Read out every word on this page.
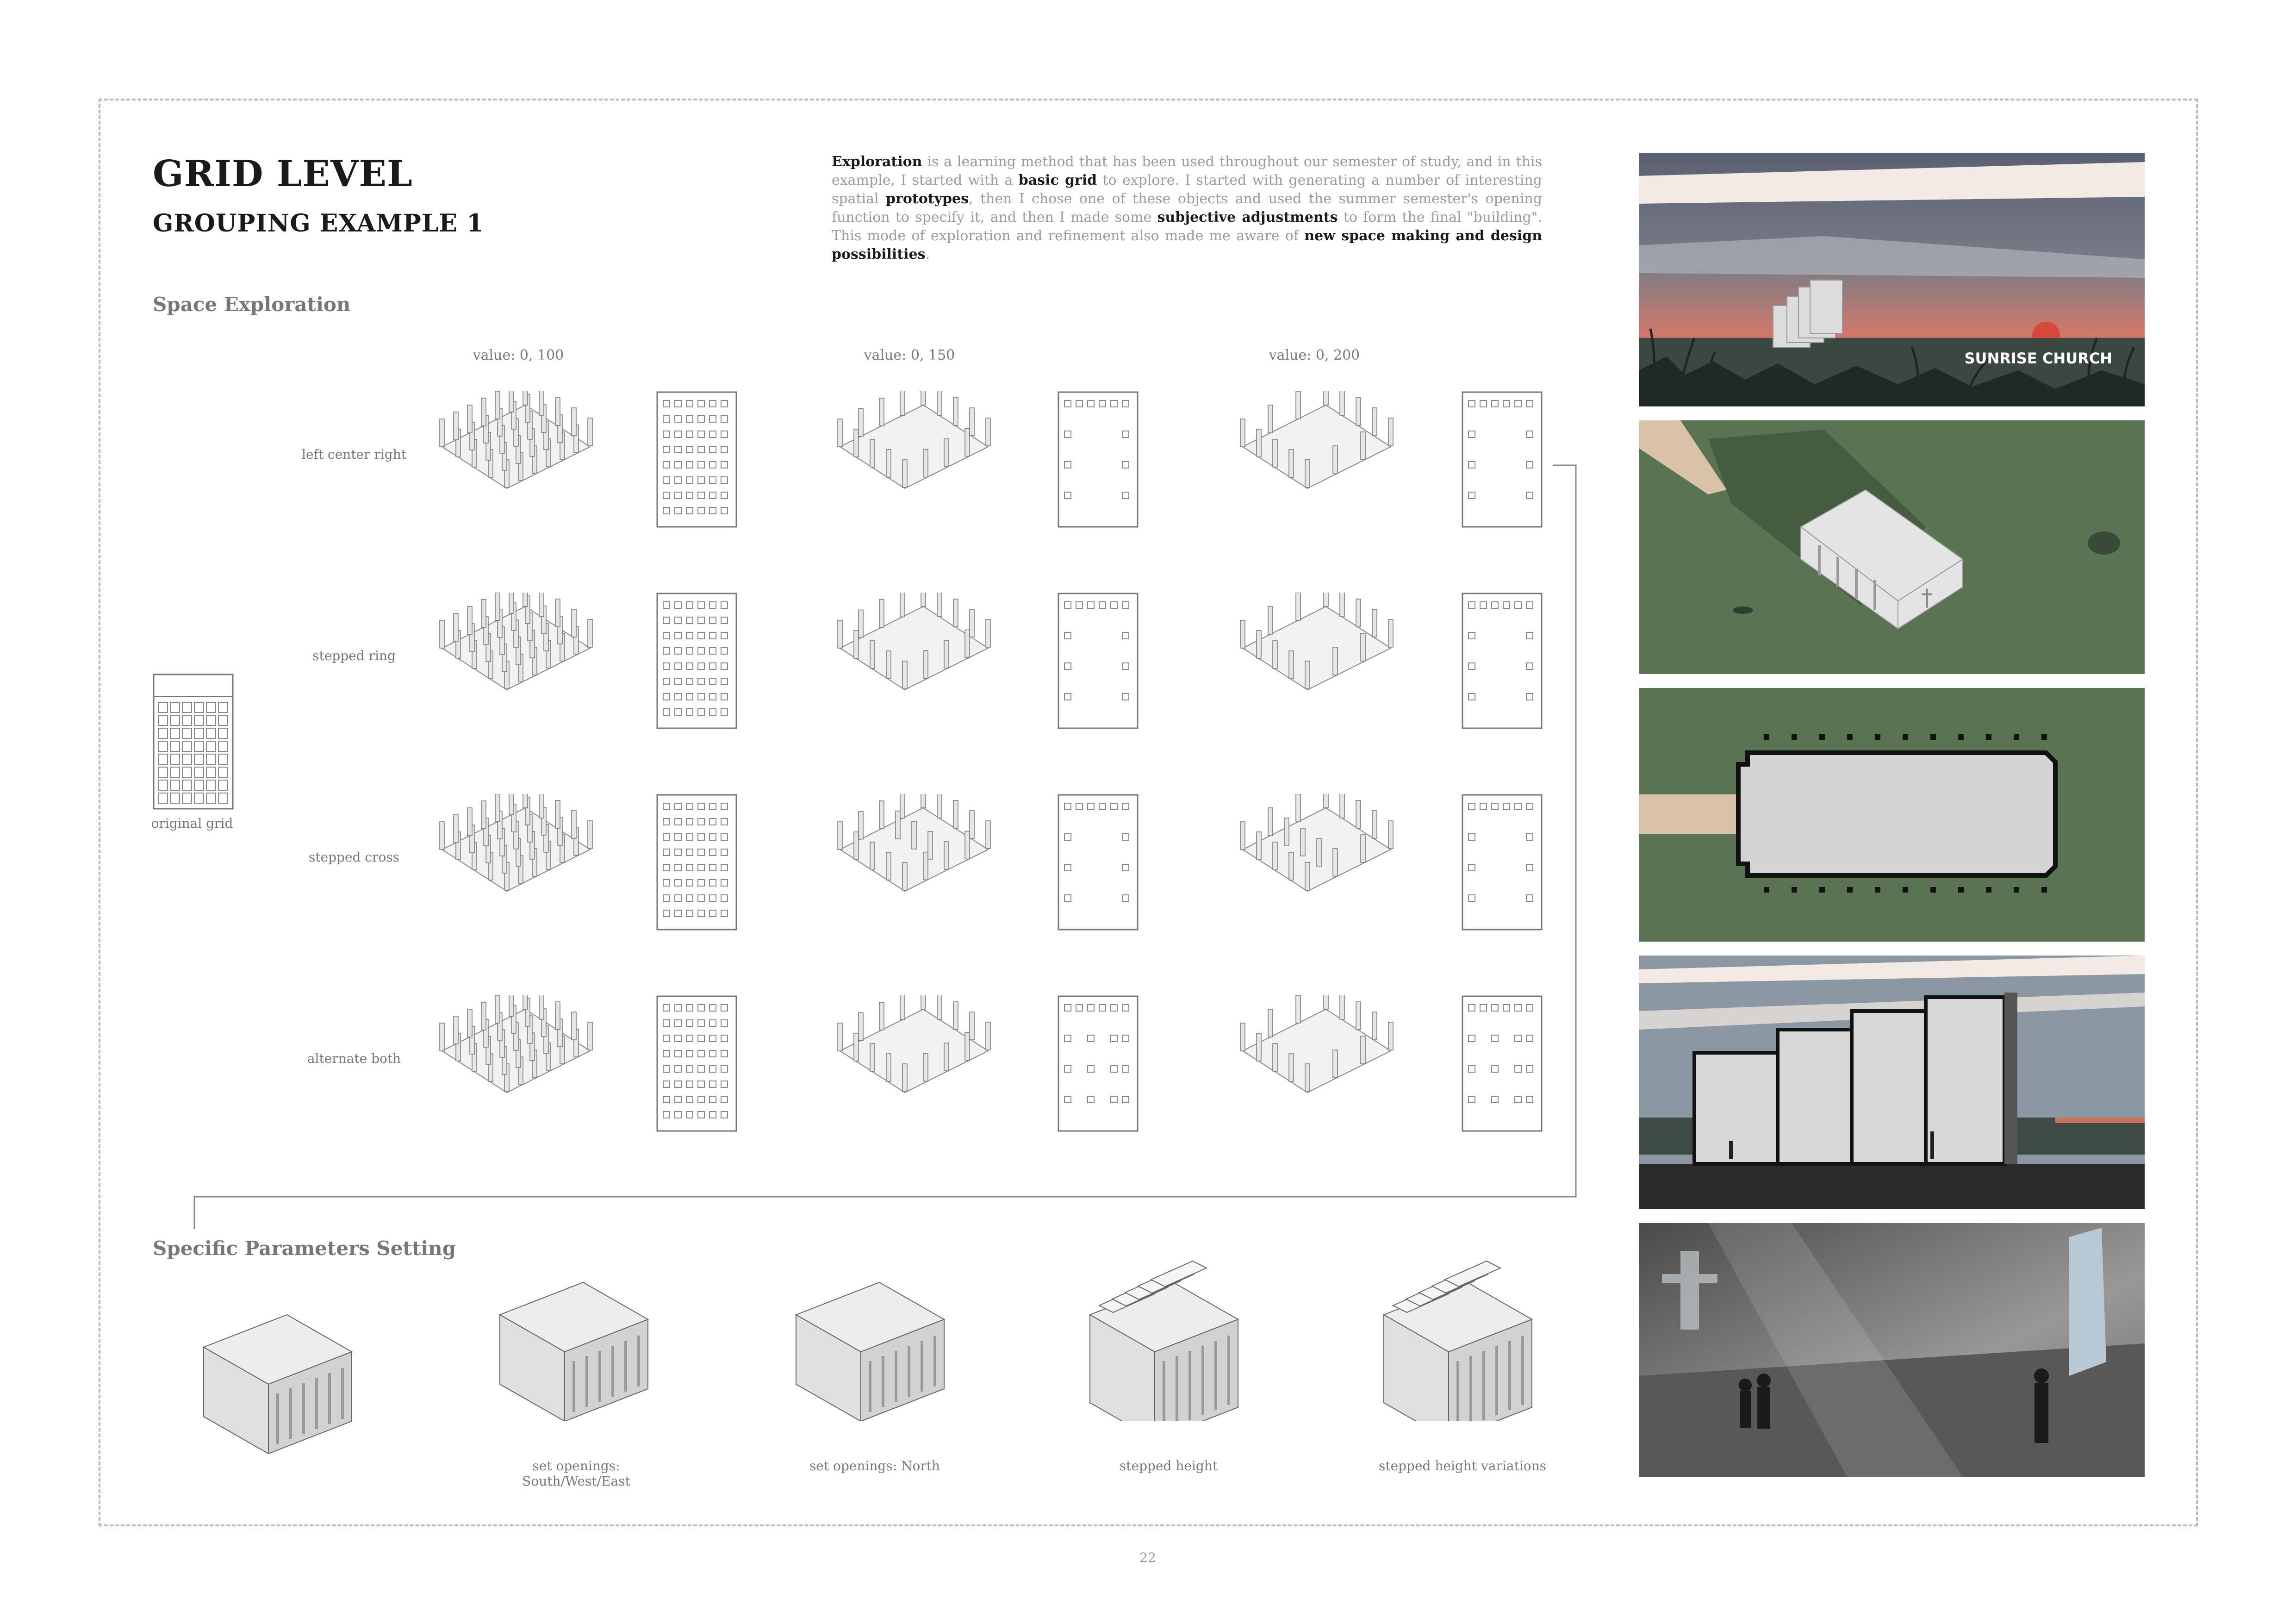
GRID LEVEL
GROUPING EXAMPLE 1
Exploration is a learning method that has been used throughout our semester of study, and in this example, I started with a basic grid to explore. I started with generating a number of interesting spatial prototypes, then I chose one of these objects and used the summer semester's opening function to specify it, and then I made some subjective adjustments to form the final "building". This mode of exploration and refinement also made me aware of new space making and design possibilities.
Space Exploration
value: 0, 100	value: 0, 150	value: 0, 200
left center right
stepped ring
stepped cross
alternate both
original grid
Specific Parameters Setting
set openings: South/West/East
set openings: North	stepped height	stepped height variations
SUNRISE CHURCH
†
22
